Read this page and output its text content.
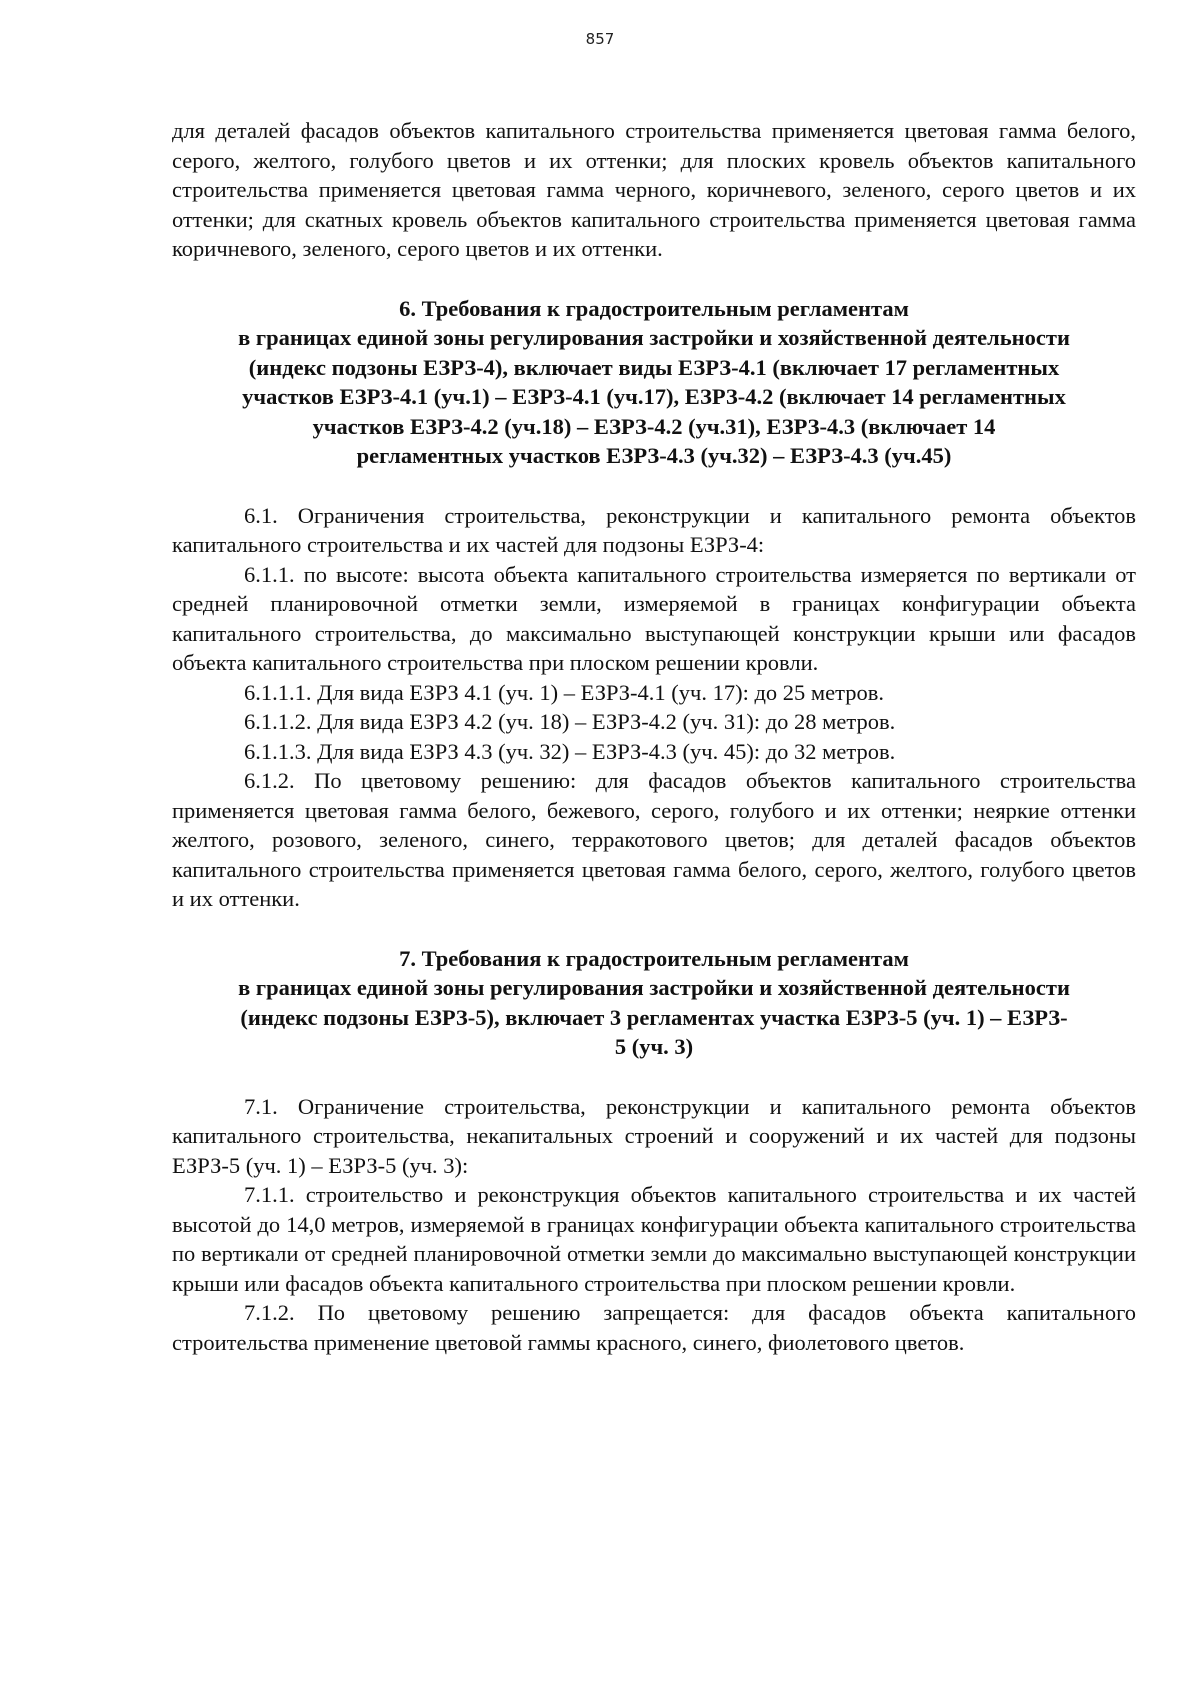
857

для деталей фасадов объектов капитального строительства применяется цветовая гамма белого, серого, желтого, голубого цветов и их оттенки; для плоских кровель объектов капитального строительства применяется цветовая гамма черного, коричневого, зеленого, серого цветов и их оттенки; для скатных кровель объектов капитального строительства применяется цветовая гамма коричневого, зеленого, серого цветов и их оттенки.

6. Требования к градостроительным регламентам

в границах единой зоны регулирования застройки и хозяйственной деятельности

(индекс подзоны ЕЗРЗ-4), включает виды ЕЗРЗ-4.1 (включает 17 регламентных

участков ЕЗРЗ-4.1 (уч.1) – ЕЗРЗ-4.1 (уч.17), ЕЗРЗ-4.2 (включает 14 регламентных

участков ЕЗРЗ-4.2 (уч.18) – ЕЗРЗ-4.2 (уч.31), ЕЗРЗ-4.3 (включает 14

регламентных участков ЕЗРЗ-4.3 (уч.32) – ЕЗРЗ-4.3 (уч.45)

6.1. Ограничения строительства, реконструкции и капитального ремонта объектов капитального строительства и их частей для подзоны ЕЗРЗ-4:

6.1.1. по высоте: высота объекта капитального строительства измеряется по вертикали от средней планировочной отметки земли, измеряемой в границах конфигурации объекта капитального строительства, до максимально выступающей конструкции крыши или фасадов объекта капитального строительства при плоском решении кровли.

6.1.1.1. Для вида ЕЗРЗ 4.1 (уч. 1) – ЕЗРЗ-4.1 (уч. 17): до 25 метров.

6.1.1.2. Для вида ЕЗРЗ 4.2 (уч. 18) – ЕЗРЗ-4.2 (уч. 31): до 28 метров.

6.1.1.3. Для вида ЕЗРЗ 4.3 (уч. 32) – ЕЗРЗ-4.3 (уч. 45): до 32 метров.

6.1.2. По цветовому решению: для фасадов объектов капитального строительства применяется цветовая гамма белого, бежевого, серого, голубого и их оттенки; неяркие оттенки желтого, розового, зеленого, синего, терракотового цветов; для деталей фасадов объектов капитального строительства применяется цветовая гамма белого, серого, желтого, голубого цветов и их оттенки.

7. Требования к градостроительным регламентам

в границах единой зоны регулирования застройки и хозяйственной деятельности

(индекс подзоны ЕЗРЗ-5), включает 3 регламентах участка ЕЗРЗ-5 (уч. 1) – ЕЗРЗ-

5 (уч. 3)

7.1. Ограничение строительства, реконструкции и капитального ремонта объектов капитального строительства, некапитальных строений и сооружений и их частей для подзоны ЕЗРЗ-5 (уч. 1) – ЕЗРЗ-5 (уч. 3):

7.1.1. строительство и реконструкция объектов капитального строительства и их частей высотой до 14,0 метров, измеряемой в границах конфигурации объекта капитального строительства по вертикали от средней планировочной отметки земли до максимально выступающей конструкции крыши или фасадов объекта капитального строительства при плоском решении кровли.

7.1.2. По цветовому решению запрещается: для фасадов объекта капитального строительства применение цветовой гаммы красного, синего, фиолетового цветов.
